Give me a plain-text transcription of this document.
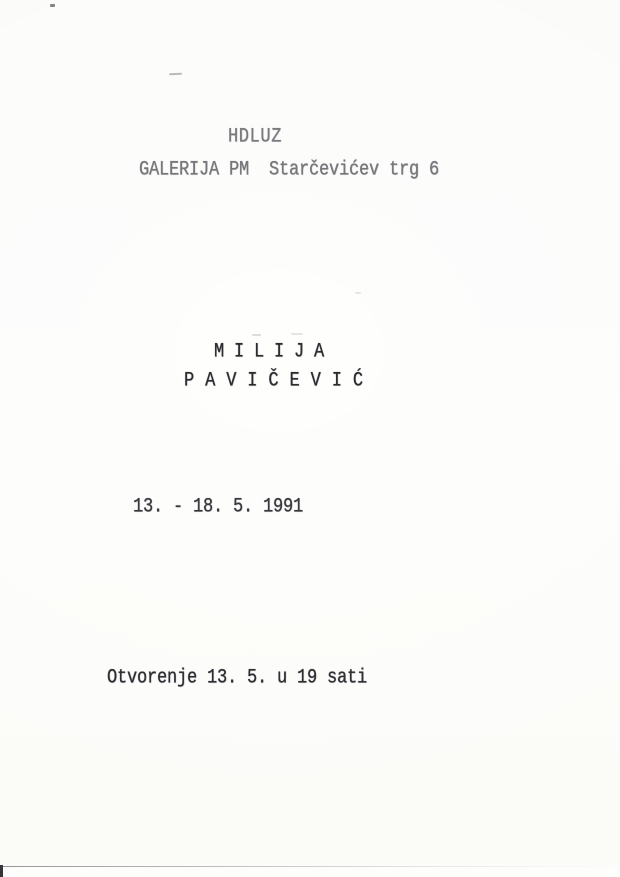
HDLUZ
GALERIJA PM  Starčevićev trg 6
M I L I J A
P A V I Č E V I Ć
13. - 18. 5. 1991
Otvorenje 13. 5. u 19 sati
